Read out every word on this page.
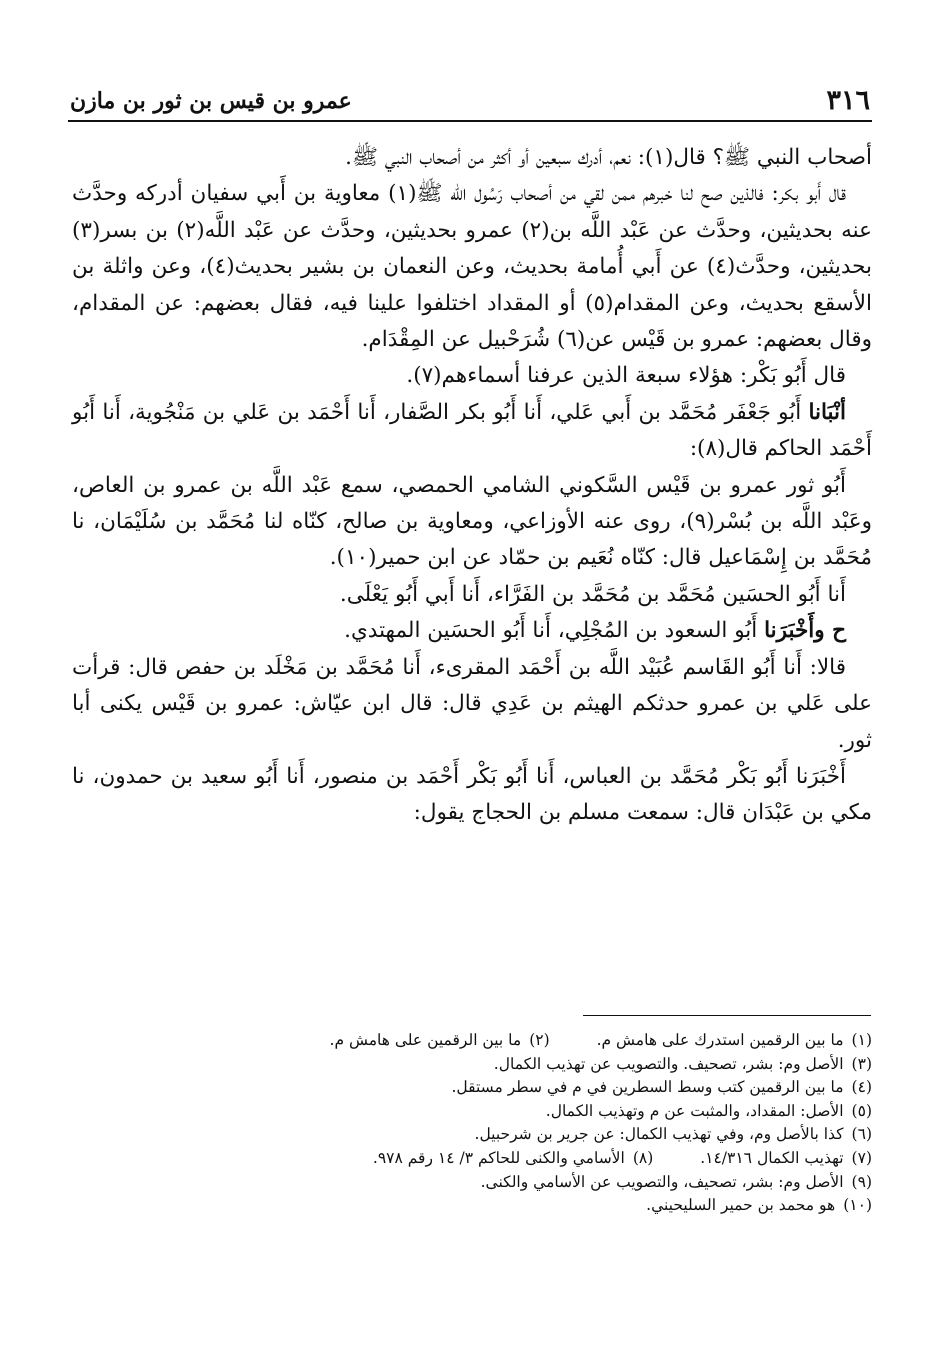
٣١٦
عمرو بن قيس بن ثور بن مازن

أصحاب النبي ﷺ؟ قال(١): نعم، أدرك سبعين أو أكثر من أصحاب النبي ﷺ.

قال أَبو بكر: فالذين صح لنا خبرهم ممن لقي من أصحاب رَسُول الله ﷺ(١) معاوية بن أَبي سفيان أدركه وحدَّث عنه بحديثين، وحدَّث عن عَبْد اللَّه بن(٢) عمرو بحديثين، وحدَّث عن عَبْد اللَّه(٢) بن بسر(٣) بحديثين، وحدَّث(٤) عن أَبي أُمامة بحديث، وعن النعمان بن بشير بحديث(٤)، وعن واثلة بن الأسقع بحديث، وعن المقدام(٥) أو المقداد اختلفوا علينا فيه، فقال بعضهم: عن المقدام، وقال بعضهم: عمرو بن قَيْس عن(٦) شُرَحْبيل عن المِقْدَام.

قال أَبُو بَكْر: هؤلاء سبعة الذين عرفنا أسماءهم(٧).

أنْبَانا أَبُو جَعْفَر مُحَمَّد بن أَبي عَلي، أَنا أَبُو بكر الصَّفار، أَنا أَحْمَد بن عَلي بن مَنْجُوية، أَنا أَبُو أَحْمَد الحاكم قال(٨):

أَبُو ثور عمرو بن قَيْس السَّكوني الشامي الحمصي، سمع عَبْد اللَّه بن عمرو بن العاص، وعَبْد اللَّه بن بُسْر(٩)، روى عنه الأوزاعي، ومعاوية بن صالح، كنّاه لنا مُحَمَّد بن سُلَيْمَان، نا مُحَمَّد بن إِسْمَاعيل قال: كنّاه نُعَيم بن حمّاد عن ابن حمير(١٠).

أَنا أَبُو الحسَين مُحَمَّد بن مُحَمَّد بن الفَرَّاء، أَنا أَبي أَبُو يَعْلَى.

ح وأَخْبَرَنا أَبُو السعود بن المُجْلِي، أَنا أَبُو الحسَين المهتدي.

قالا: أَنا أَبُو القَاسم عُبَيْد اللَّه بن أَحْمَد المقرىء، أَنا مُحَمَّد بن مَخْلَد بن حفص قال: قرأت على عَلي بن عمرو حدثكم الهيثم بن عَدِي قال: قال ابن عيّاش: عمرو بن قَيْس يكنى أبا ثور.

أَخْبَرَنا أَبُو بَكْر مُحَمَّد بن العباس، أَنا أَبُو بَكْر أَحْمَد بن منصور، أَنا أَبُو سعيد بن حمدون، نا مكي بن عَبْدَان قال: سمعت مسلم بن الحجاج يقول:

(١)ما بين الرقمين استدرك على هامش م. (٢)ما بين الرقمين على هامش م.
(٣)الأصل وم: بشر، تصحيف. والتصويب عن تهذيب الكمال.
(٤)ما بين الرقمين كتب وسط السطرين في م في سطر مستقل.
(٥)الأصل: المقداد، والمثبت عن م وتهذيب الكمال.
(٦)كذا بالأصل وم، وفي تهذيب الكمال: عن جرير بن شرحبيل.
(٧)تهذيب الكمال ١٤/٣١٦. (٨)الأسامي والكنى للحاكم ٣/ ١٤ رقم ٩٧٨.
(٩)الأصل وم: بشر، تصحيف، والتصويب عن الأسامي والكنى.
(١٠)هو محمد بن حمير السليحيني.
